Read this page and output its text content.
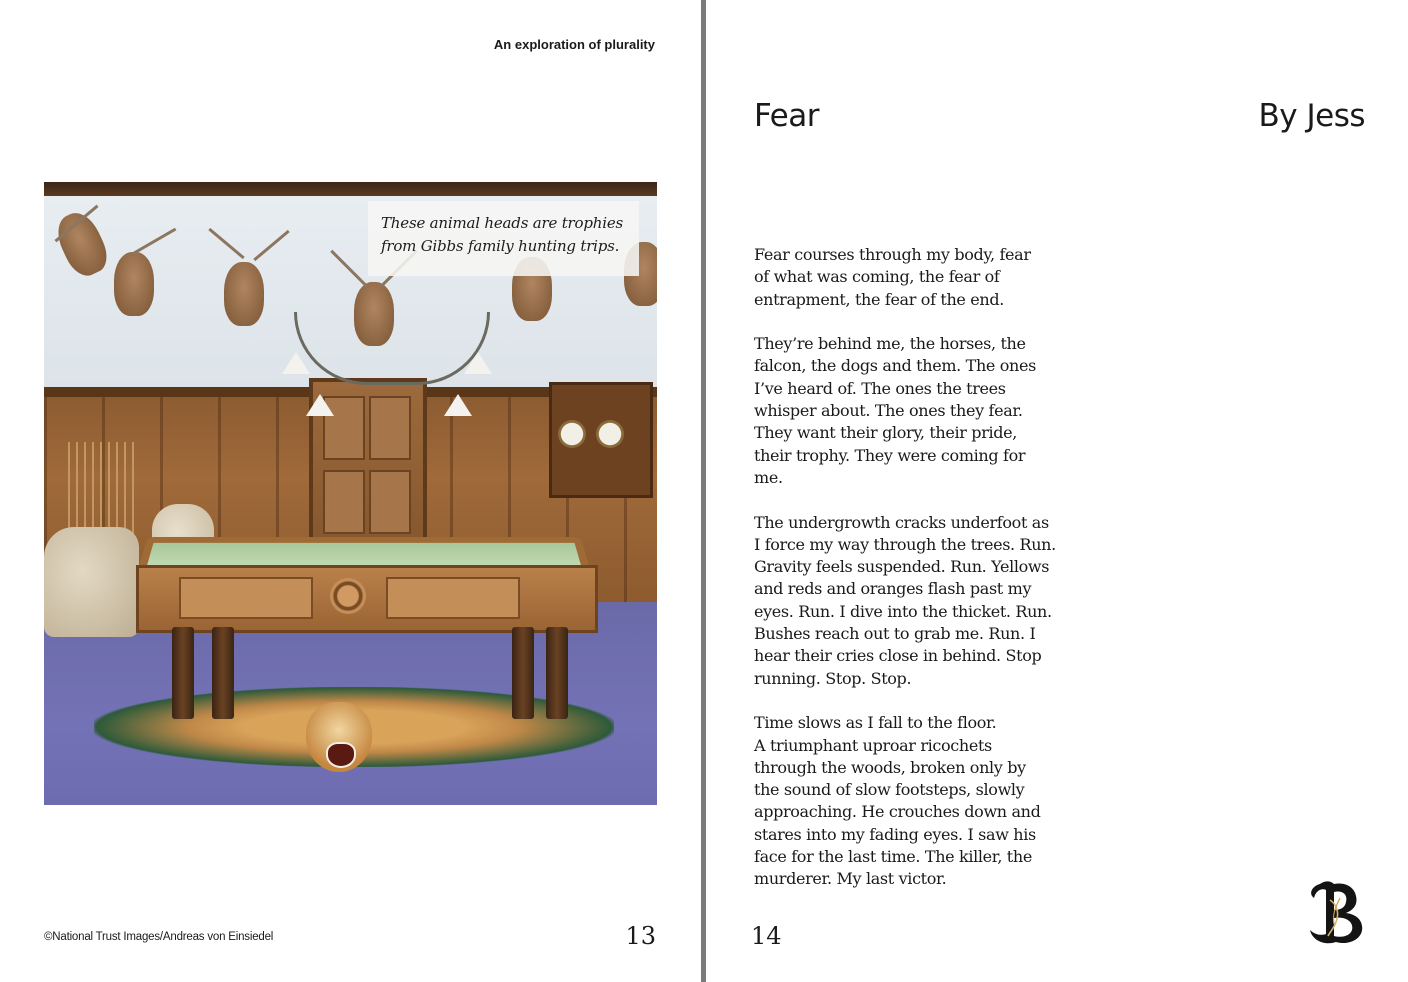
An exploration of plurality
These animal heads are trophies
from Gibbs family hunting trips.
©National Trust Images/Andreas von Einsiedel	13
Fear	By Jess
Fear courses through my body, fear
of what was coming, the fear of
entrapment, the fear of the end.
They’re behind me, the horses, the
falcon, the dogs and them. The ones
I’ve heard of. The ones the trees
whisper about. The ones they fear.
They want their glory, their pride,
their trophy. They were coming for
me.
The undergrowth cracks underfoot as
I force my way through the trees. Run.
Gravity feels suspended. Run. Yellows
and reds and oranges flash past my
eyes. Run. I dive into the thicket. Run.
Bushes reach out to grab me. Run. I
hear their cries close in behind. Stop
running. Stop. Stop.
Time slows as I fall to the floor.
A triumphant uproar ricochets
through the woods, broken only by
the sound of slow footsteps, slowly
approaching. He crouches down and
stares into my fading eyes. I saw his
face for the last time. The killer, the
murderer. My last victor.
14
